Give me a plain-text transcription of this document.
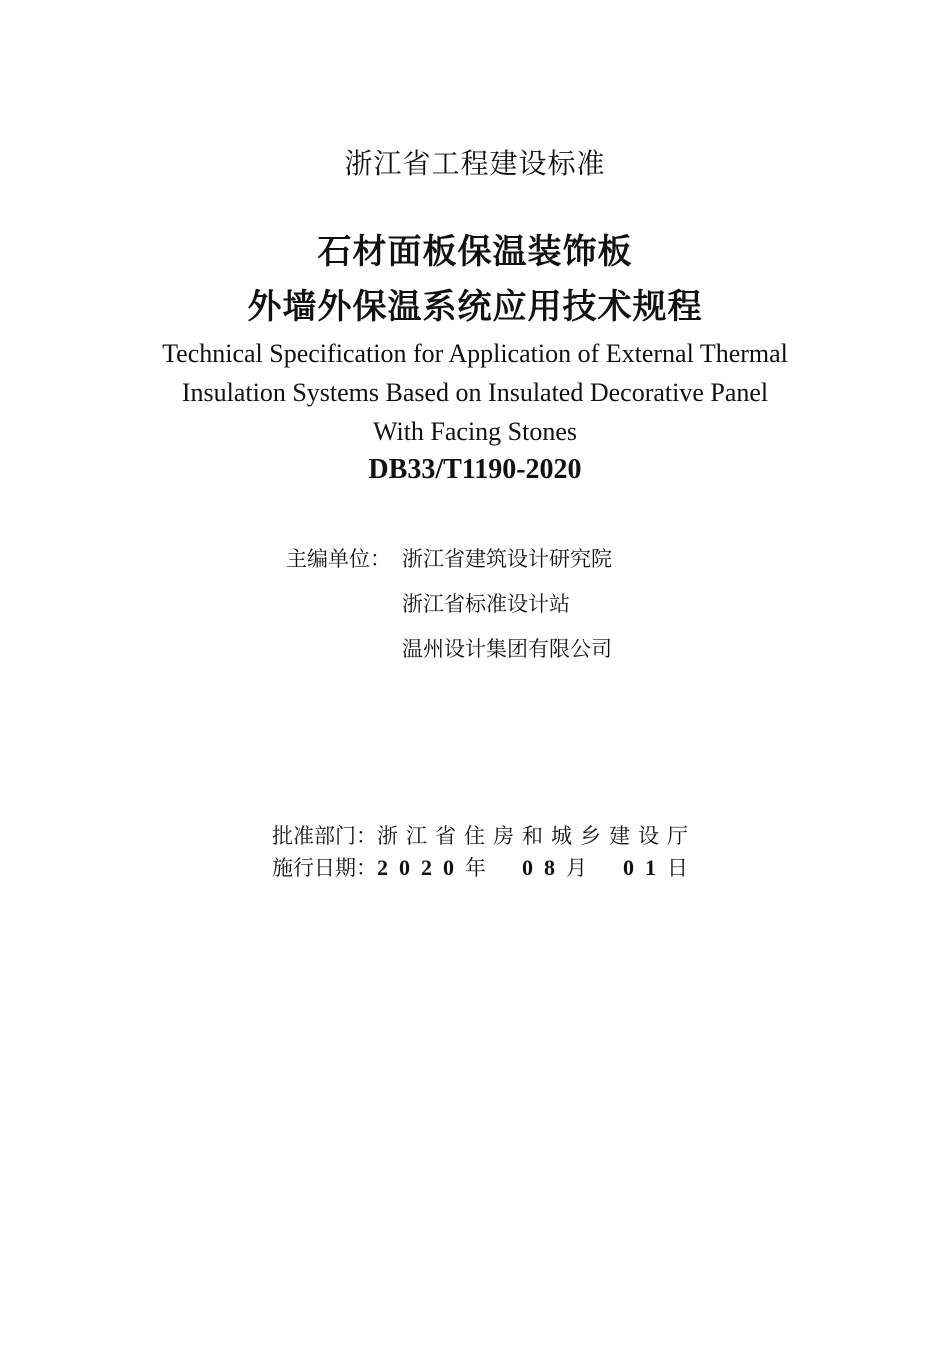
浙江省工程建设标准
石材面板保温装饰板
外墙外保温系统应用技术规程
Technical Specification for Application of External Thermal
Insulation Systems Based on Insulated Decorative Panel
With Facing Stones
DB33/T1190-2020
主编单位： 浙江省建筑设计研究院
浙江省标准设计站
温州设计集团有限公司
批准部门：浙江省住房和城乡建设厅
施行日期：2020年 08月 01日
